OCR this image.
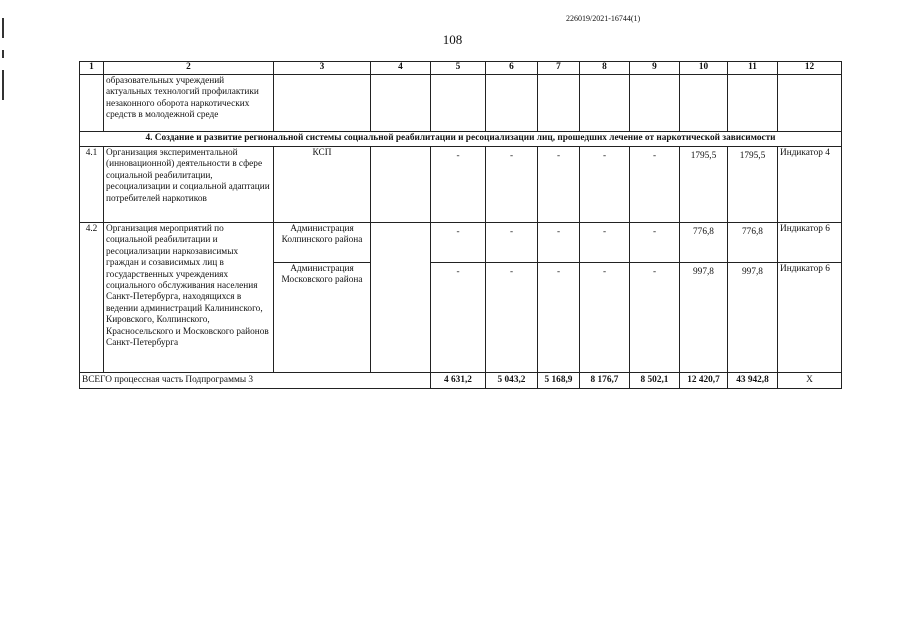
226019/2021-16744(1)
108
1	2	3	4	5	6	7	8	9	10	11	12
	образовательных учреждений актуальных технологий профилактики незаконного оборота наркотических средств в молодежной среде										
4. Создание и развитие региональной системы социальной реабилитации и ресоциализации лиц, прошедших лечение от наркотической зависимости											
4.1	Организация экспериментальной (инновационной) деятельности в сфере социальной реабилитации, ресоциализации и социальной адаптации потребителей наркотиков	КСП		-	-	-	-	-	1795,5	1795,5	Индикатор 4
4.2	Организация мероприятий по социальной реабилитации и ресоциализации наркозависимых граждан и созависимых лиц в государственных учреждениях социального обслуживания населения Санкт-Петербурга, находящихся в ведении администраций Калининского, Кировского, Колпинского, Красносельского и Московского районов Санкт-Петербурга	Администрация Колпинского района		-	-	-	-	-	776,8	776,8	Индикатор 6
		Администрация Московского района		-	-	-	-	-	997,8	997,8	Индикатор 6
ВСЕГО процессная часть Подпрограммы 3				4 631,2	5 043,2	5 168,9	8 176,7	8 502,1	12 420,7	43 942,8	Х
